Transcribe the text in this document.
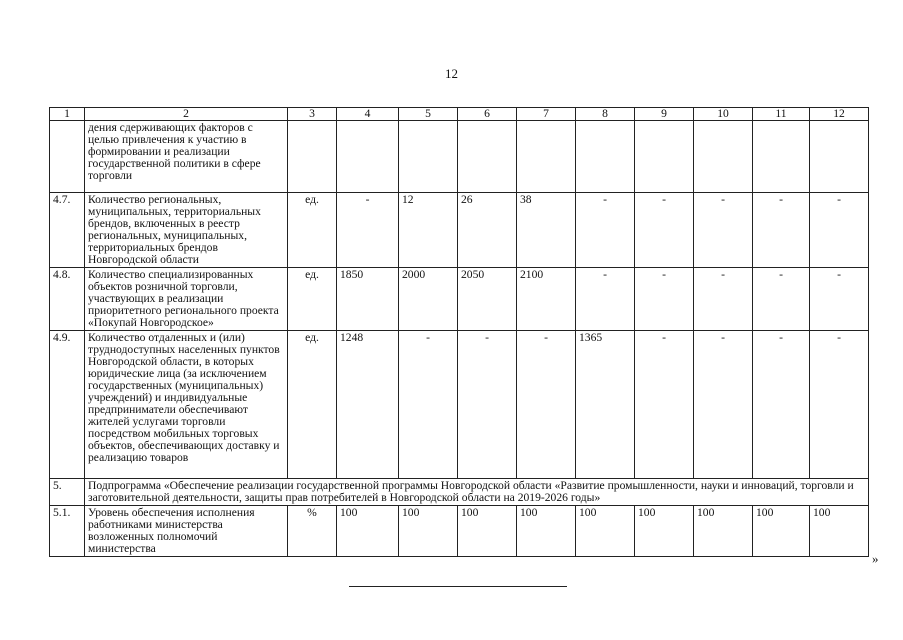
12
1	2	3	4	5	6	7	8	9	10	11	12
	дения сдерживающих факторов с целью привлечения к участию в формировании и реализации государственной политики в сфере торговли										
4.7.	Количество региональных, муниципальных, территориальных брендов, включенных в реестр региональных, муниципальных, территориальных брендов Новгородской области	ед.	-	12	26	38	-	-	-	-	-
4.8.	Количество специализированных объектов розничной торговли, участвующих в реализации приоритетного регионального проекта «Покупай Новгородское»	ед.	1850	2000	2050	2100	-	-	-	-	-
4.9.	Количество отдаленных и (или) труднодоступных населенных пунктов Новгородской области, в которых юридические лица (за исключением государственных (муниципальных) учреждений) и индивидуальные предприниматели обеспечивают жителей услугами торговли посредством мобильных торговых объектов, обеспечивающих доставку и реализацию товаров	ед.	1248	-	-	-	1365	-	-	-	-
5.	Подпрограмма «Обеспечение реализации государственной программы Новгородской области «Развитие промышленности, науки и инноваций, торговли и заготовительной деятельности, защиты прав потребителей в Новгородской области на 2019-2026 годы»										
5.1.	Уровень обеспечения исполнения работниками министерства возложенных полномочий министерства	%	100	100	100	100	100	100	100	100	100
»
